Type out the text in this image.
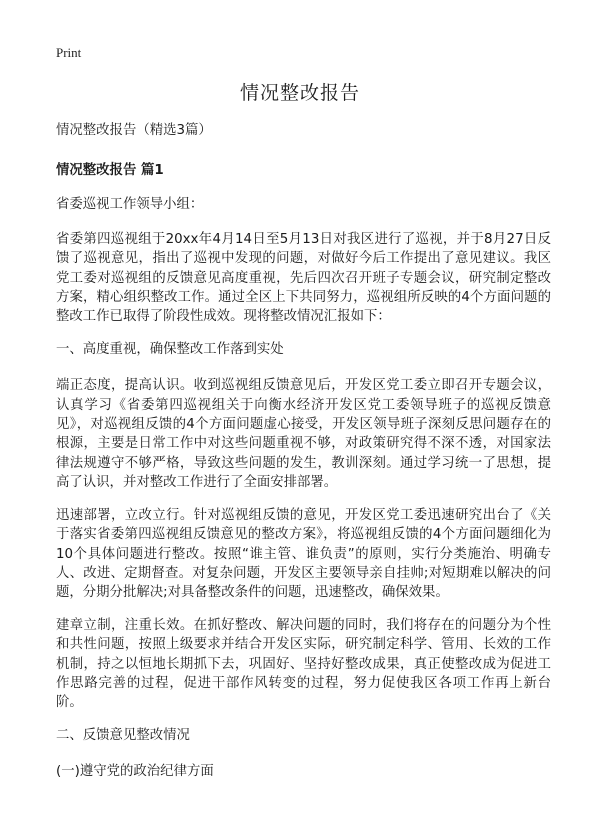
Print
情况整改报告

情况整改报告（精选3篇）

情况整改报告 篇1

省委巡视工作领导小组：

省委第四巡视组于20xx年4月14日至5月13日对我区进行了巡视，并于8月27日反馈了巡视意见，指出了巡视中发现的问题，对做好今后工作提出了意见建议。我区党工委对巡视组的反馈意见高度重视，先后四次召开班子专题会议，研究制定整改方案，精心组织整改工作。通过全区上下共同努力，巡视组所反映的4个方面问题的整改工作已取得了阶段性成效。现将整改情况汇报如下：

一、高度重视，确保整改工作落到实处

端正态度，提高认识。收到巡视组反馈意见后，开发区党工委立即召开专题会议，认真学习《省委第四巡视组关于向衡水经济开发区党工委领导班子的巡视反馈意见》，对巡视组反馈的4个方面问题虚心接受，开发区领导班子深刻反思问题存在的根源，主要是日常工作中对这些问题重视不够，对政策研究得不深不透，对国家法律法规遵守不够严格，导致这些问题的发生，教训深刻。通过学习统一了思想，提高了认识，并对整改工作进行了全面安排部署。

迅速部署，立改立行。针对巡视组反馈的意见，开发区党工委迅速研究出台了《关于落实省委第四巡视组反馈意见的整改方案》，将巡视组反馈的4个方面问题细化为10个具体问题进行整改。按照“谁主管、谁负责”的原则，实行分类施治、明确专人、改进、定期督查。对复杂问题，开发区主要领导亲自挂帅;对短期难以解决的问题，分期分批解决;对具备整改条件的问题，迅速整改，确保效果。

建章立制，注重长效。在抓好整改、解决问题的同时，我们将存在的问题分为个性和共性问题，按照上级要求并结合开发区实际，研究制定科学、管用、长效的工作机制，持之以恒地长期抓下去，巩固好、坚持好整改成果，真正使整改成为促进工作思路完善的过程，促进干部作风转变的过程，努力促使我区各项工作再上新台阶。

二、反馈意见整改情况

(一)遵守党的政治纪律方面
